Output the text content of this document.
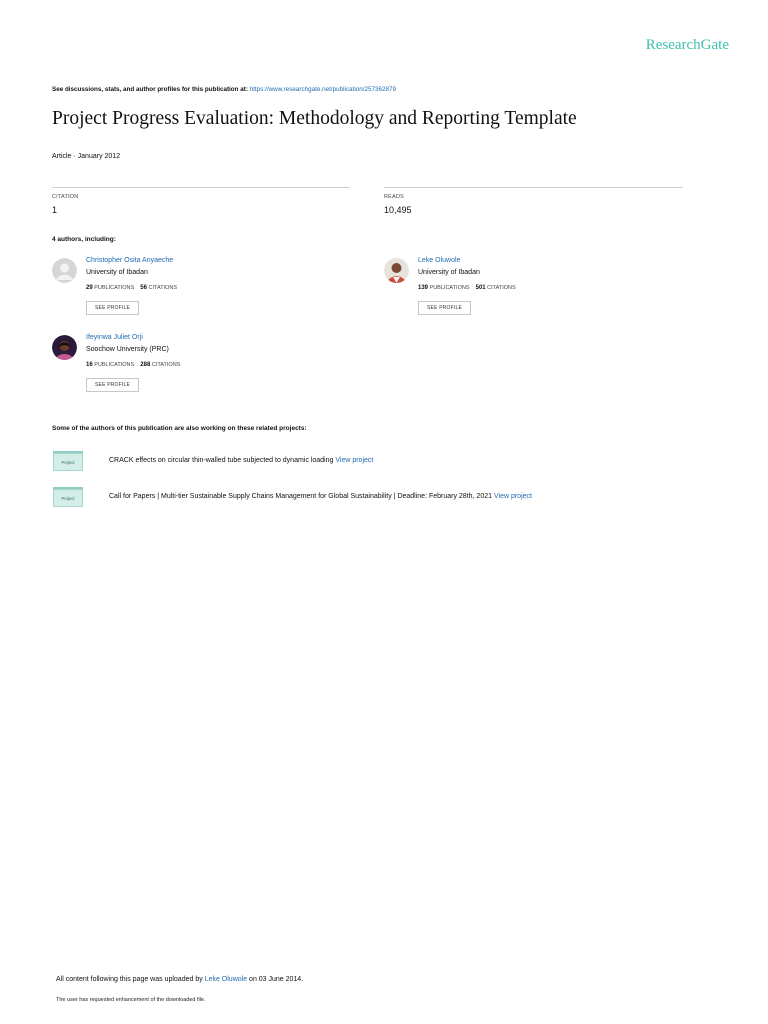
ResearchGate
See discussions, stats, and author profiles for this publication at: https://www.researchgate.net/publication/257362879
Project Progress Evaluation: Methodology and Reporting Template
Article · January 2012
CITATION
1
READS
10,495
4 authors, including:
Christopher Osita Anyaeche
University of Ibadan
29 PUBLICATIONS 56 CITATIONS
SEE PROFILE
Leke Oluwole
University of Ibadan
139 PUBLICATIONS 501 CITATIONS
SEE PROFILE
Ifeyinwa Juliet Orji
Soochow University (PRC)
16 PUBLICATIONS 288 CITATIONS
SEE PROFILE
Some of the authors of this publication are also working on these related projects:
Project	CRACK effects on circular thin-walled tube subjected to dynamic loading View project
Project	Call for Papers | Multi-tier Sustainable Supply Chains Management for Global Sustainability | Deadline: February 28th, 2021 View project
All content following this page was uploaded by Leke Oluwole on 03 June 2014.
The user has requested enhancement of the downloaded file.
